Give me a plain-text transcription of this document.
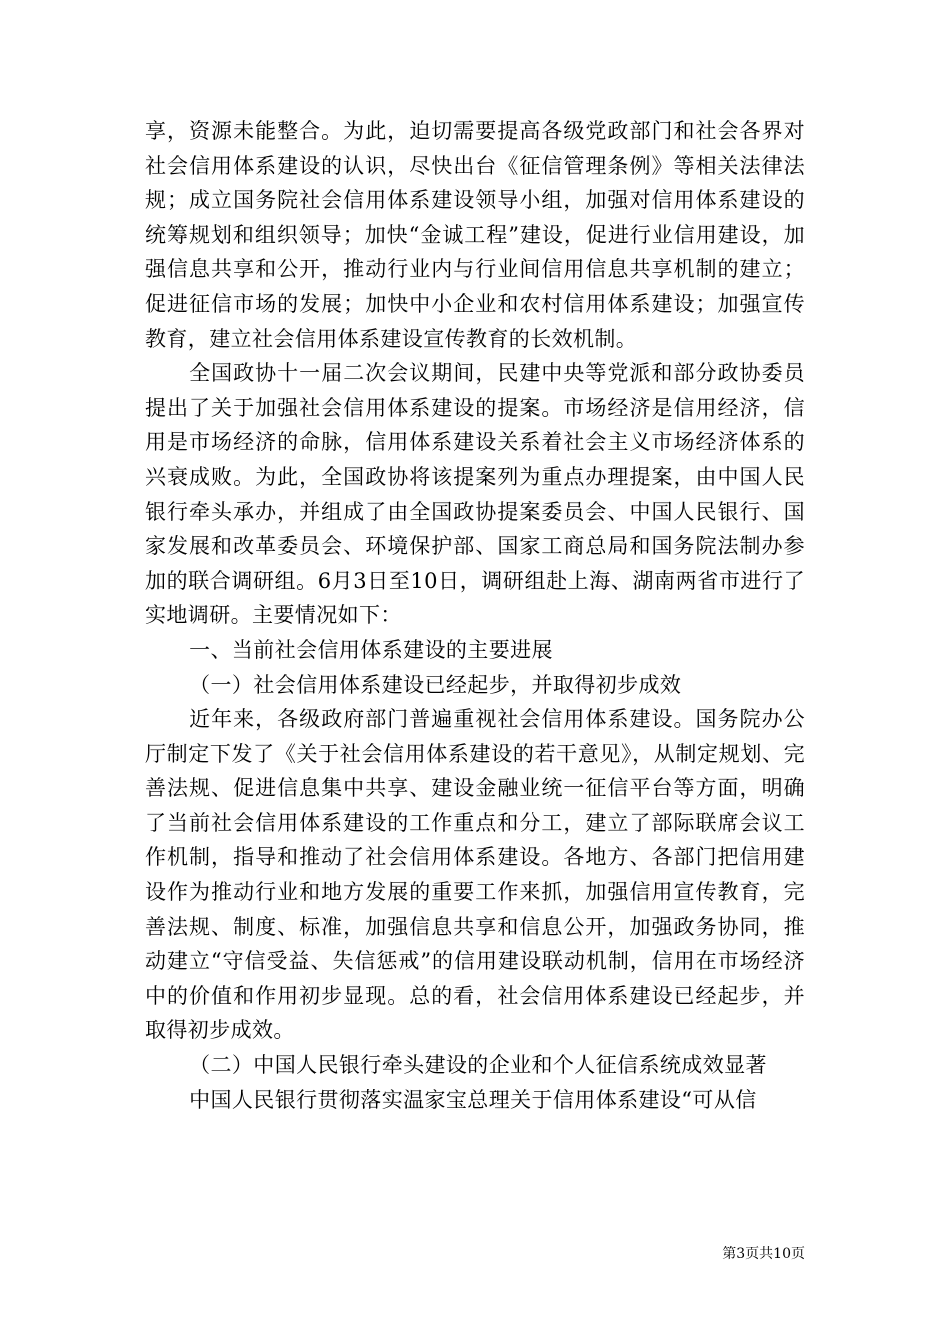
享，资源未能整合。为此，迫切需要提高各级党政部门和社会各界对社会信用体系建设的认识，尽快出台《征信管理条例》等相关法律法规；成立国务院社会信用体系建设领导小组，加强对信用体系建设的统筹规划和组织领导；加快“金诚工程”建设，促进行业信用建设，加强信息共享和公开，推动行业内与行业间信用信息共享机制的建立；促进征信市场的发展；加快中小企业和农村信用体系建设；加强宣传教育，建立社会信用体系建设宣传教育的长效机制。

全国政协十一届二次会议期间，民建中央等党派和部分政协委员提出了关于加强社会信用体系建设的提案。市场经济是信用经济，信用是市场经济的命脉，信用体系建设关系着社会主义市场经济体系的兴衰成败。为此，全国政协将该提案列为重点办理提案，由中国人民银行牵头承办，并组成了由全国政协提案委员会、中国人民银行、国家发展和改革委员会、环境保护部、国家工商总局和国务院法制办参加的联合调研组。6月3日至10日，调研组赴上海、湖南两省市进行了实地调研。主要情况如下：

一、当前社会信用体系建设的主要进展

（一）社会信用体系建设已经起步，并取得初步成效

近年来，各级政府部门普遍重视社会信用体系建设。国务院办公厅制定下发了《关于社会信用体系建设的若干意见》，从制定规划、完善法规、促进信息集中共享、建设金融业统一征信平台等方面，明确了当前社会信用体系建设的工作重点和分工，建立了部际联席会议工作机制，指导和推动了社会信用体系建设。各地方、各部门把信用建设作为推动行业和地方发展的重要工作来抓，加强信用宣传教育，完善法规、制度、标准，加强信息共享和信息公开，加强政务协同，推动建立“守信受益、失信惩戒”的信用建设联动机制，信用在市场经济中的价值和作用初步显现。总的看，社会信用体系建设已经起步，并取得初步成效。

（二）中国人民银行牵头建设的企业和个人征信系统成效显著

中国人民银行贯彻落实温家宝总理关于信用体系建设“可从信

第3页共10页
